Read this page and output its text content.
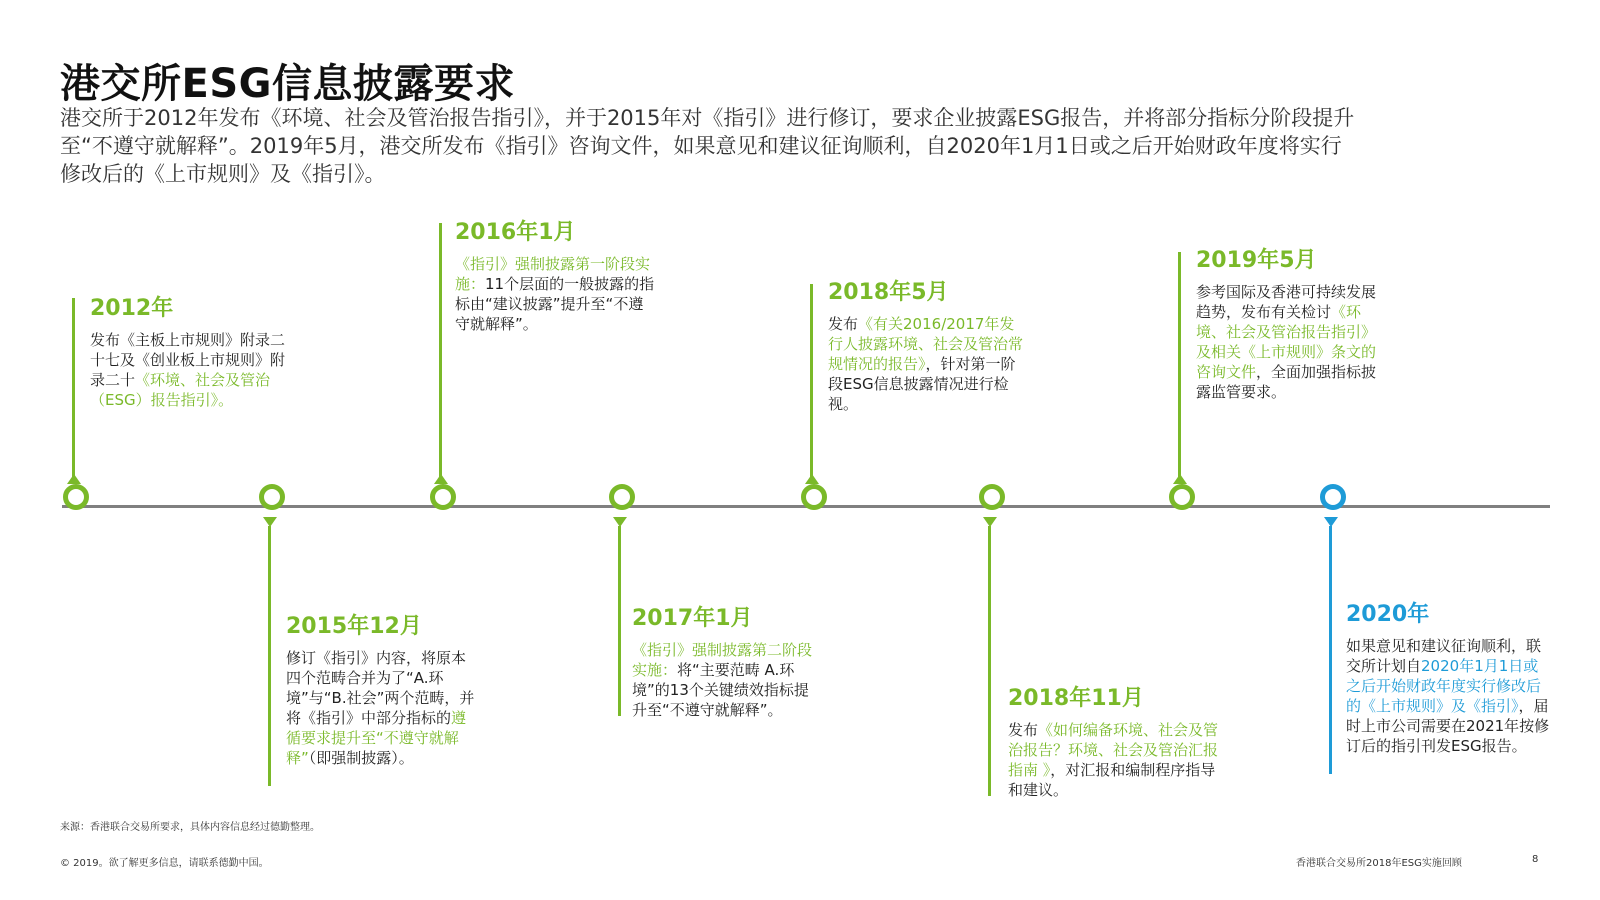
港交所ESG信息披露要求

港交所于2012年发布《环境、社会及管治报告指引》，并于2015年对《指引》进行修订，要求企业披露ESG报告，并将部分指标分阶段提升

至“不遵守就解释”。2019年5月，港交所发布《指引》咨询文件，如果意见和建议征询顺利，自2020年1月1日或之后开始财政年度将实行

修改后的《上市规则》及《指引》。

2012年

发布《主板上市规则》附录二十七及《创业板上市规则》附录二十《环境、社会及管治（ESG）报告指引》。

2015年12月

修订《指引》内容，将原本四个范畴合并为了“A.环境”与“B.社会”两个范畴，并将《指引》中部分指标的遵循要求提升至“不遵守就解释”（即强制披露）。

2016年1月

《指引》强制披露第一阶段实施：11个层面的一般披露的指标由“建议披露”提升至“不遵守就解释”。

2017年1月

《指引》强制披露第二阶段实施：将“主要范畴 A.环境”的13个关键绩效指标提升至“不遵守就解释”。

2018年5月

发布《有关2016/2017年发行人披露环境、社会及管治常规情况的报告》，针对第一阶段ESG信息披露情况进行检视。

2018年11月

发布《如何编备环境、社会及管治报告？环境、社会及管治汇报指南 》，对汇报和编制程序指导和建议。

2019年5月

参考国际及香港可持续发展趋势，发布有关检讨《环境、社会及管治报告指引》及相关《上市规则》条文的咨询文件，全面加强指标披露监管要求。

2020年

如果意见和建议征询顺利，联交所计划自2020年1月1日或之后开始财政年度实行修改后的《上市规则》及《指引》，届时上市公司需要在2021年按修订后的指引刊发ESG报告。

来源：香港联合交易所要求，具体内容信息经过德勤整理。

© 2019。欲了解更多信息，请联系德勤中国。	香港联合交易所2018年ESG实施回顾	8
